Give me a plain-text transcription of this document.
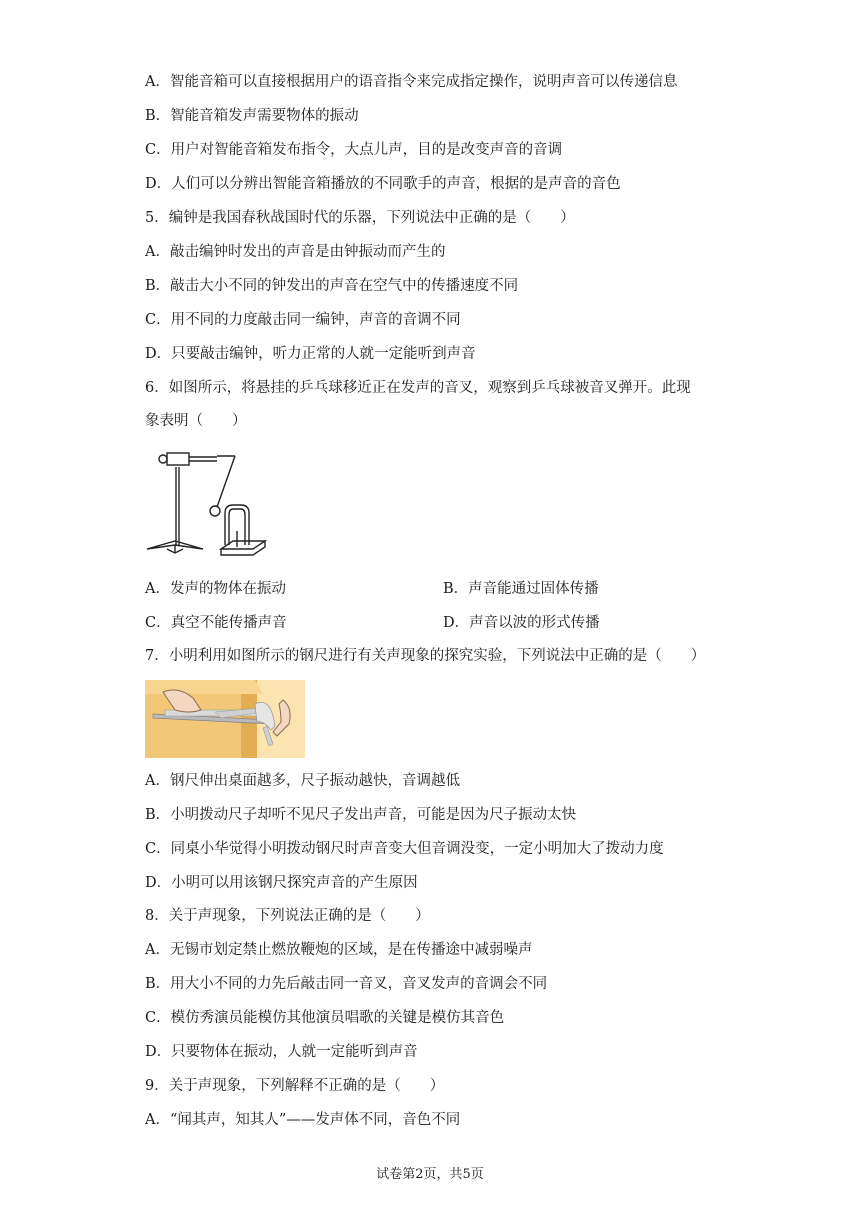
A．智能音箱可以直接根据用户的语音指令来完成指定操作，说明声音可以传递信息
B．智能音箱发声需要物体的振动
C．用户对智能音箱发布指令，大点儿声，目的是改变声音的音调
D．人们可以分辨出智能音箱播放的不同歌手的声音，根据的是声音的音色
5．编钟是我国春秋战国时代的乐器，下列说法中正确的是（　　）
A．敲击编钟时发出的声音是由钟振动而产生的
B．敲击大小不同的钟发出的声音在空气中的传播速度不同
C．用不同的力度敲击同一编钟，声音的音调不同
D．只要敲击编钟，听力正常的人就一定能听到声音
6．如图所示，将悬挂的乒乓球移近正在发声的音叉，观察到乒乓球被音叉弹开。此现
象表明（　　）
A．发声的物体在振动	B．声音能通过固体传播
C．真空不能传播声音	D．声音以波的形式传播
7．小明利用如图所示的钢尺进行有关声现象的探究实验，下列说法中正确的是（　　）
A．钢尺伸出桌面越多，尺子振动越快，音调越低
B．小明拨动尺子却听不见尺子发出声音，可能是因为尺子振动太快
C．同桌小华觉得小明拨动钢尺时声音变大但音调没变，一定小明加大了拨动力度
D．小明可以用该钢尺探究声音的产生原因
8．关于声现象，下列说法正确的是（　　）
A．无锡市划定禁止燃放鞭炮的区域，是在传播途中减弱噪声
B．用大小不同的力先后敲击同一音叉，音叉发声的音调会不同
C．模仿秀演员能模仿其他演员唱歌的关键是模仿其音色
D．只要物体在振动，人就一定能听到声音
9．关于声现象，下列解释不正确的是（　　）
A．“闻其声，知其人”——发声体不同，音色不同
试卷第2页，共5页
